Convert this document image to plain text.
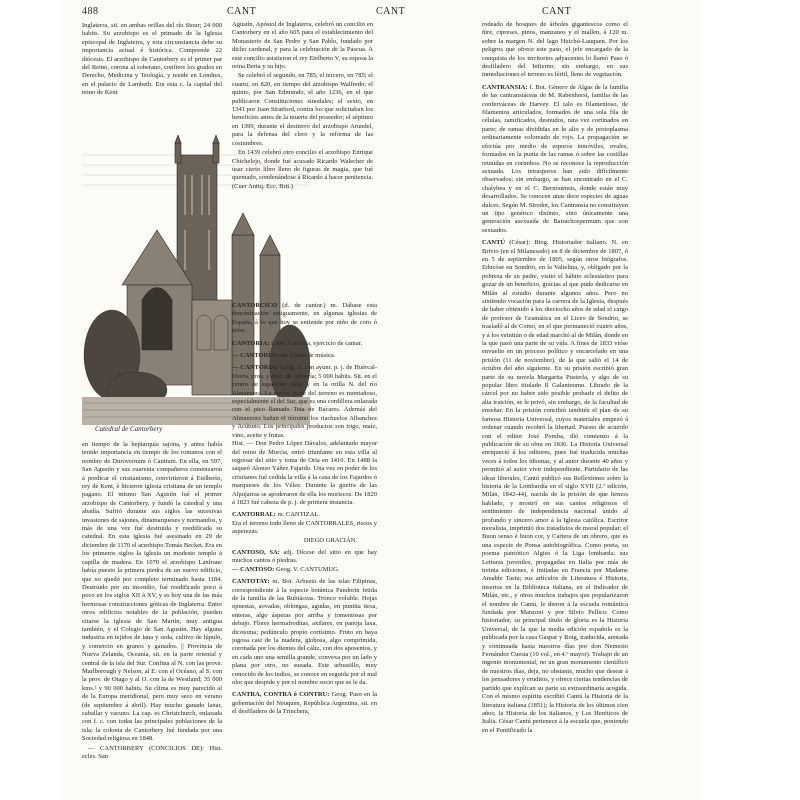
488	CANT	CANT	CANT

Inglaterra, sit. en ambas orillas del río Stour; 24 000 habits. Su arzobispo es el primado de la Iglesia episcopal de Inglaterra, y esta circunstancia debe su importancia actual é histórica. Comprende 22 diócesis. El arzobispo de Cantorbery es el primer par del Reino, corona al soberano, confiere los grados en Derecho, Medicina y Teología, y reside en Londres, en el palacio de Lambeth. Era esta c. la capital del reino de Kent

Catedral de Cantorbery

Agustín, Apóstol de Inglaterra, celebró un concilio en Cantorbery en el año 605 para el establecimiento del Monasterio de San Pedro y San Pablo, fundado por dicho cardenal, y para la celebración de la Pascua. A este concilio asistieron el rey Etelberto V, su esposa la reina Berta y su hijo.

Se celebró el segundo, en 785; el tercero, en 785; el cuarto, en 820, en tiempo del arzobispo Walfredo; el quinto, por San Edmundo, el año 1236, en el que publicaron Constituciones sinodales; el sexto, en 1341 por Juan Stratford, contra los que solicitaban los beneficios antes de la muerte del poseedor; el séptimo en 1399, durante el destierro del arzobispo Arundel, para la defensa del clero y la reforma de las costumbres.

En 1439 celebró otro concilio el arzobispo Enrique Chichelejo, donde fué acusado Ricardo Walecher de usar cierto libro lleno de figuras de magia, que fué quemado, condenándose á Ricardo á hacer penitencia. (Cuer Antiq. Ecc. Brit.)

CANTORCICO (d. de cantor.) m. Dábase esta denominación antiguamente, en algunas iglesias de España, á lo que hoy se entiende por niño de coro ó seise.
CANTORÍA: f. ant. Cantoría, ejercicio de cantar.
— CANTORÍA: ant. Canto de música.
— CANTORIA: Geog. V. con ayunt. p. j. de Huércal-Overa, prov. y dióc. de Almería; 5 000 habits. Sit. en el centro de espacioso valle y en la orilla N. del río Almanzora. La mayor parte del terreno es montañoso, especialmente el del Sur, que es una cordillera enlazada con el pico llamado Teta de Bacares. Además del Almanzora bañan el término los riachuelos Albanchez y Acútuno. Los principales productos son trigo, maíz, vino, aceite y frutas.
Hist. — Don Pedro López Dávalos, adelantado mayor del reino de Murcia, entró triunfante en esta villa al regresar del sitio y toma de Oria en 1410. En 1488 la saqueó Alonso Yáñez Fajardo. Una vez en poder de los cristianos fué cedida la villa á la casa de los Fajardos ó marqueses de los Vélez. Durante la guerra de las Alpujarras se apoderaron de ella los moriscos. De 1820 á 1823 fué cabeza de p. j. de primera instancia.
CANTORRAL: m. CANTIZAL.
Era el terreno todo lleno de CANTORRALES, riscos y asperezas.
DIEGO GRACIÁN.
CANTOSO, SA: adj. Dícese del sitio en que hay muchos cantos ó piedras.
— CANTOSO: Geog. V. CANTUMUG.
CANTOTAY: m. Bot. Arbusto de las islas Filipinas, correspondiente á la especie botánica Pandorin fetida de la familia de las Rubiáceas. Tronco voluble. Hojas opuestas, aovadas, oblongas, agudas, en puntita tiesa, enteras, algo ásperas por arriba y tomentosas por debajo. Flores hermafroditas, axilares, en panoja laxa, dicotoma; pedúnculo propio cortísimo. Fruto en baya jugosa casi de la madera, globosa, algo comprimida, coronada por los dientes del cáliz, con dos aposentos, y en cada uno una semilla grande, convexa por un lado y plana por otro, no sueada. Este arbustillo, muy conocido de los indios, se conoce en seguida por el mal olor que despide y por el nombre socio que se le da.
CANTRA, CONTRA ó CONTRU: Geog. Paso en la gobernación del Neuquen, República Argentina, sit. en el desfiladero de la Trinchera,

rodeado de bosques de árboles gigantescos como el ñire, cipreses, pinos, manzanos y el mallen, á 120 m. sobre la margen N. del lago Huichú-Lauquen. Por los peligros que ofrece este paso, el jefe encargado de la conquista de los territorios adyacentes lo llamó Paso ó desfiladero del Infierno; sin embargo, en sus inmediaciones el terreno es fértil, lleno de vegetación.

CANTRANSIA: f. Bot. Género de Algas de la familia de las cantransiáceas de M. Rabenhorst, familia de las conferváceas de Harvey. El talo es filamentoso, de filamentos articulados, formados de una sola fila de células, ramificados, desnudos, rara vez cortinados en parte; de ramas divididas en lo alto y de protoplasma ordinariamente coloreado de rojo. La propagación se efectúa por medio de esporos inmóviles, ovales, formados en la punta de las ramas ó sobre las costillas reunidas en corimbos. No se reconoce la reproducción sexuada. Los tetrasporos han sido difícilmente observados; sin embargo, se han encontrado en el C. chalybea y en el C. Bernouensis, donde están muy desarrollados. Se conocen unas doce especies de aguas dulces. Según M. Sirodot, los Cantransia no constituyen un tipo genérico distinto, sino únicamente una generación asexuada de Batrachospermum que son sexuados.
CANTÚ (César): Biog. Historiador italiano. N. en Brivio (en el Milanesado) en 8 de diciembre de 1807, ó en 5 de septiembre de 1805, según otros biógrafos. Educóse en Sondrio, en la Valtelina, y, obligado por la pobreza de su padre, vistió el hábito eclesiástico para gozar de un beneficio, gracias al que pudo dedicarse en Milán al estudio durante algunos años. Pero no sintiendo vocación para la carrera de la Iglesia, después de haber obtenido á los dieciocho años de edad el cargo de profesor de Gramática en el Liceo de Sondrio, se trasladó al de Como, en el que permaneció cuatro años, y á los veintiún o de edad marchó al de Milán, donde en la que pasó una parte de su vida. A fines de 1833 vióse envuelto en un proceso político y encarcelado en una prisión (11 de noviembre), de la que salió el 14 de octubre del año siguiente. En su prisión escribió gran parte de su novela Margarita Pusterla, y algo de su popular libro titulado Il Galantuomo. Librado de la cárcel por no haber sido posible probarle el delito de alta traición, se le privó, sin embargo, de la facultad de enseñar. En la prisión concibió también el plan de su famosa Historia Universal, cuyos materiales empezó á ordenar cuando recobró la libertad. Puesto de acuerdo con el editor José Pomba, dió comienzo á la publicación de su obra en 1836. La Historia Universal enriqueció á los editores, pues fué traducida muchas veces á todos los idiomas, y al autor durante 40 años y permitió al autor vivir independiente. Partidario de las ideas liberales, Cantú publicó sus Reflexiones sobre la historia de la Lombardía en el siglo XVII (2.ª edición, Milán, 1842-44), nacida de la prisión de que hemos hablado, y mostró en sus cantos religiosos el sentimiento de independencia nacional unido al profundo y sincero amor á la Iglesia católica. Escritor moralista, imprimió dos tratadistos de moral popular: el Buon senso é buon cor, y Cartera de un obrero, que es una especie de Ponsa autobiográfica. Como poeta, su poema patriótico Algiso ó la Liga lombarda; sus Letturas juveniles, propagadas en Italia por más de treinta ediciones, é imitadas en Francia por Madame Amable Tastu; sus artículos de Literatura é Historia, insertos en la Biblioteca italiana, en el Indicador de Milán, etc., y otros muchos trabajos que popularizaron el nombre de Cantú, le dieron á la escuela romántica fundada por Manzoni y por Silvio Pellico. Como historiador, su principal título de gloria es la Historia Universal, de la que la media edición española es la publicada por la casa Gaspar y Roig, traducida, anotada y continuada hasta nuestros días por don Nemesio Fernández Cuesta (10 vol., en 4.º mayor). Trabajo de un ingenio monumental, no un gran monumento científico de nuestros días, deja, no obstante, mucho que desear á los pensadores y eruditos, y ofrece ciertas tendencias de partido que explican su parte su extraordinaria acogida. Con el mismo espíritu escribió Cantú la Historia de la literatura italiana (1851); la Historia de los últimos cien años; la Historia de los italianos, y Los Heréticos de Italia. César Cantú pertenece á la escuela que, poniendo en el Pontificado la

en tiempo de la heptarquía sajona, y antes había tenido importancia en tiempo de los romanos con el nombre de Durovernum ó Cantium. En ella, en 597, San Agustín y sus cuarenta compañeros comenzaron á predicar el cristianismo, convirtieron á Etelberto, rey de Kent, é hicieron iglesia cristiana de un templo pagano. El mismo San Agustín fué el primer arzobispo de Cantorbery, y fundó la catedral y una abadía. Sufrió durante sus siglos las sucesivas invasiones de sajones, dinamarqueses y normandos, y más de una vez fué destruida y reedificada su catedral. En esta iglesia fué asesinado en 29 de diciembre de 1170 el arzobispo Tomás Becket. Era en los primeros siglos la iglesia un modesto templo á capilla de madera. En 1070 el arzobispo Lanfranc había puesto la primera piedra de un nuevo edificio, que no quedó por completo terminado hasta 1184. Destruido por un incendio, fué reedificado poco á poco en los siglos XII á XV, y es hoy una de las más hermosas construcciones góticas de Inglaterra. Entre otros edificios notables de la población, pueden citarse la iglesia de San Martín, muy antigua también, y el Colegio de San Agustín. Hay alguna industria en tejidos de lana y seda, cultivo de lúpulo, y comercio en granos y ganados. || Provincia de Nueva Zelanda, Oceanía, sit. en la parte oriental y central de la isla del Sur. Confina al N. con las provs. Marlborough y Nelson, al E. con el Océano, al S. con la prov. de Otago y al O. con la de Westland; 35 000 kms.² y 90 000 habits. Su clima es muy parecido al de la Europa meridional, pero muy seco en verano (de septiembre á abril). Hay mucho ganado lanar, caballar y vacuno. La cap. es Christchurch, enlazada con f. c. con todas las principales poblaciones de la isla; la colonia de Cantorbery fué fundada por una Sociedad religiosa en 1848.

— CANTORBERY (CONCILIOS DE): Hist. ecles. San
